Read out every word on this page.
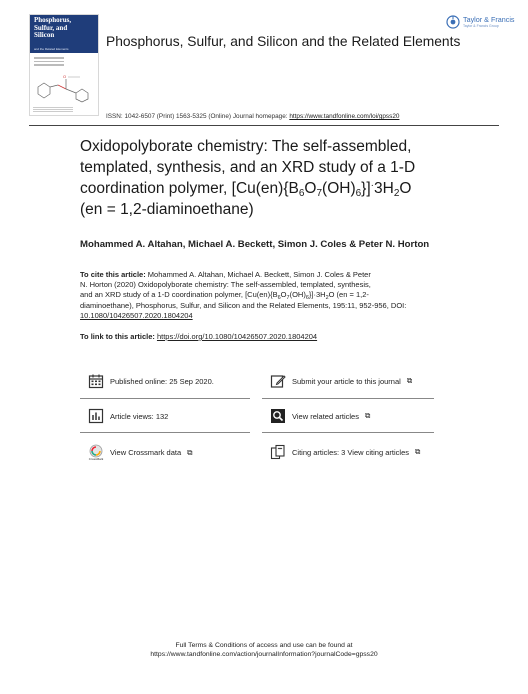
Phosphorus,
Sulfur, and
Silicon
and the Related Elements
O
Phosphorus, Sulfur, and Silicon and the Related Elements
Taylor & Francis
Taylor & Francis Group
ISSN: 1042-6507 (Print) 1563-5325 (Online) Journal homepage: https://www.tandfonline.com/loi/gpss20
Oxidopolyborate chemistry: The self-assembled,
templated, synthesis, and an XRD study of a 1-D
coordination polymer, $[Cu(en)\{B_6O_7(OH)_6\}]^\cdot 3H_2O$
(en = 1,2-diaminoethane)
Mohammed A. Altahan, Michael A. Beckett, Simon J. Coles & Peter N. Horton
To cite this article: Mohammed A. Altahan, Michael A. Beckett, Simon J. Coles & Peter
N. Horton (2020) Oxidopolyborate chemistry: The self-assembled, templated, synthesis,
and an XRD study of a 1-D coordination polymer, $[Cu(en)\{B_6O_7(OH)_6\}]\cdot 3H_2O$ (en = 1,2-
diaminoethane), Phosphorus, Sulfur, and Silicon and the Related Elements, 195:11, 952-956, DOI:
10.1080/10426507.2020.1804204
To link to this article: https://doi.org/10.1080/10426507.2020.1804204
Published online: 25 Sep 2020.	Submit your article to this journal ⧉
Article views: 132	View related articles ⧉
CrossMark
View Crossmark data ⧉	Citing articles: 3 View citing articles ⧉
Full Terms & Conditions of access and use can be found at
https://www.tandfonline.com/action/journalInformation?journalCode=gpss20
